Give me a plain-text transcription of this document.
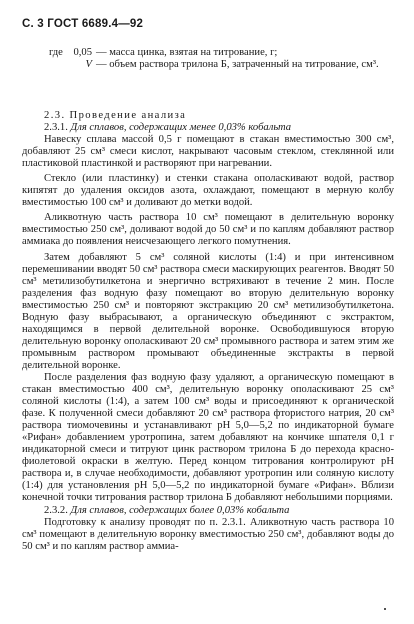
С. 3 ГОСТ 6689.4—92
где 0,05 — масса цинка, взятая на титрование, г;
V — объем раствора трилона Б, затраченный на титрование, см³.

2.3. Проведение анализа

2.3.1. Для сплавов, содержащих менее 0,03% кобальта

Навеску сплава массой 0,5 г помещают в стакан вместимостью 300 см³, добавляют 25 см³ смеси кислот, накрывают часовым стеклом, стеклянной или пластиковой пластинкой и растворяют при нагревании.

Стекло (или пластинку) и стенки стакана ополаскивают водой, раствор кипятят до удаления оксидов азота, охлаждают, помещают в мерную колбу вместимостью 100 см³ и доливают до метки водой.

Аликвотную часть раствора 10 см³ помещают в делительную воронку вместимостью 250 см³, доливают водой до 50 см³ и по каплям добавляют раствор аммиака до появления неисчезающего легкого помутнения.

Затем добавляют 5 см³ соляной кислоты (1:4) и при интенсивном перемешивании вводят 50 см³ раствора смеси маскирующих реагентов. Вводят 50 см³ метилизобутилкетона и энергично встряхивают в течение 2 мин. После разделения фаз водную фазу помещают во вторую делительную воронку вместимостью 250 см³ и повторяют экстракцию 20 см³ метилизобутилкетона. Водную фазу выбрасывают, а органическую объединяют с экстрактом, находящимся в первой делительной воронке. Освободившуюся вторую делительную воронку ополаскивают 20 см³ промывного раствора и затем этим же промывным раствором промывают объединенные экстракты в первой делительной воронке.

После разделения фаз водную фазу удаляют, а органическую помещают в стакан вместимостью 400 см³, делительную воронку ополаскивают 25 см³ соляной кислоты (1:4), а затем 100 см³ воды и присоединяют к органической фазе. К полученной смеси добавляют 20 см³ раствора фтористого натрия, 20 см³ раствора тиомочевины и устанавливают рН 5,0—5,2 по индикаторной бумаге «Рифан» добавлением уротропина, затем добавляют на кончике шпателя 0,1 г индикаторной смеси и титруют цинк раствором трилона Б до перехода красно-фиолетовой окраски в желтую. Перед концом титрования контролируют рН раствора и, в случае необходимости, добавляют уротропин или соляную кислоту (1:4) для установления рН 5,0—5,2 по индикаторной бумаге «Рифан». Вблизи конечной точки титрования раствор трилона Б добавляют небольшими порциями.

2.3.2. Для сплавов, содержащих более 0,03% кобальта

Подготовку к анализу проводят по п. 2.3.1. Аликвотную часть раствора 10 см³ помещают в делительную воронку вместимостью 250 см³, добавляют воды до 50 см³ и по каплям раствор аммиа-
